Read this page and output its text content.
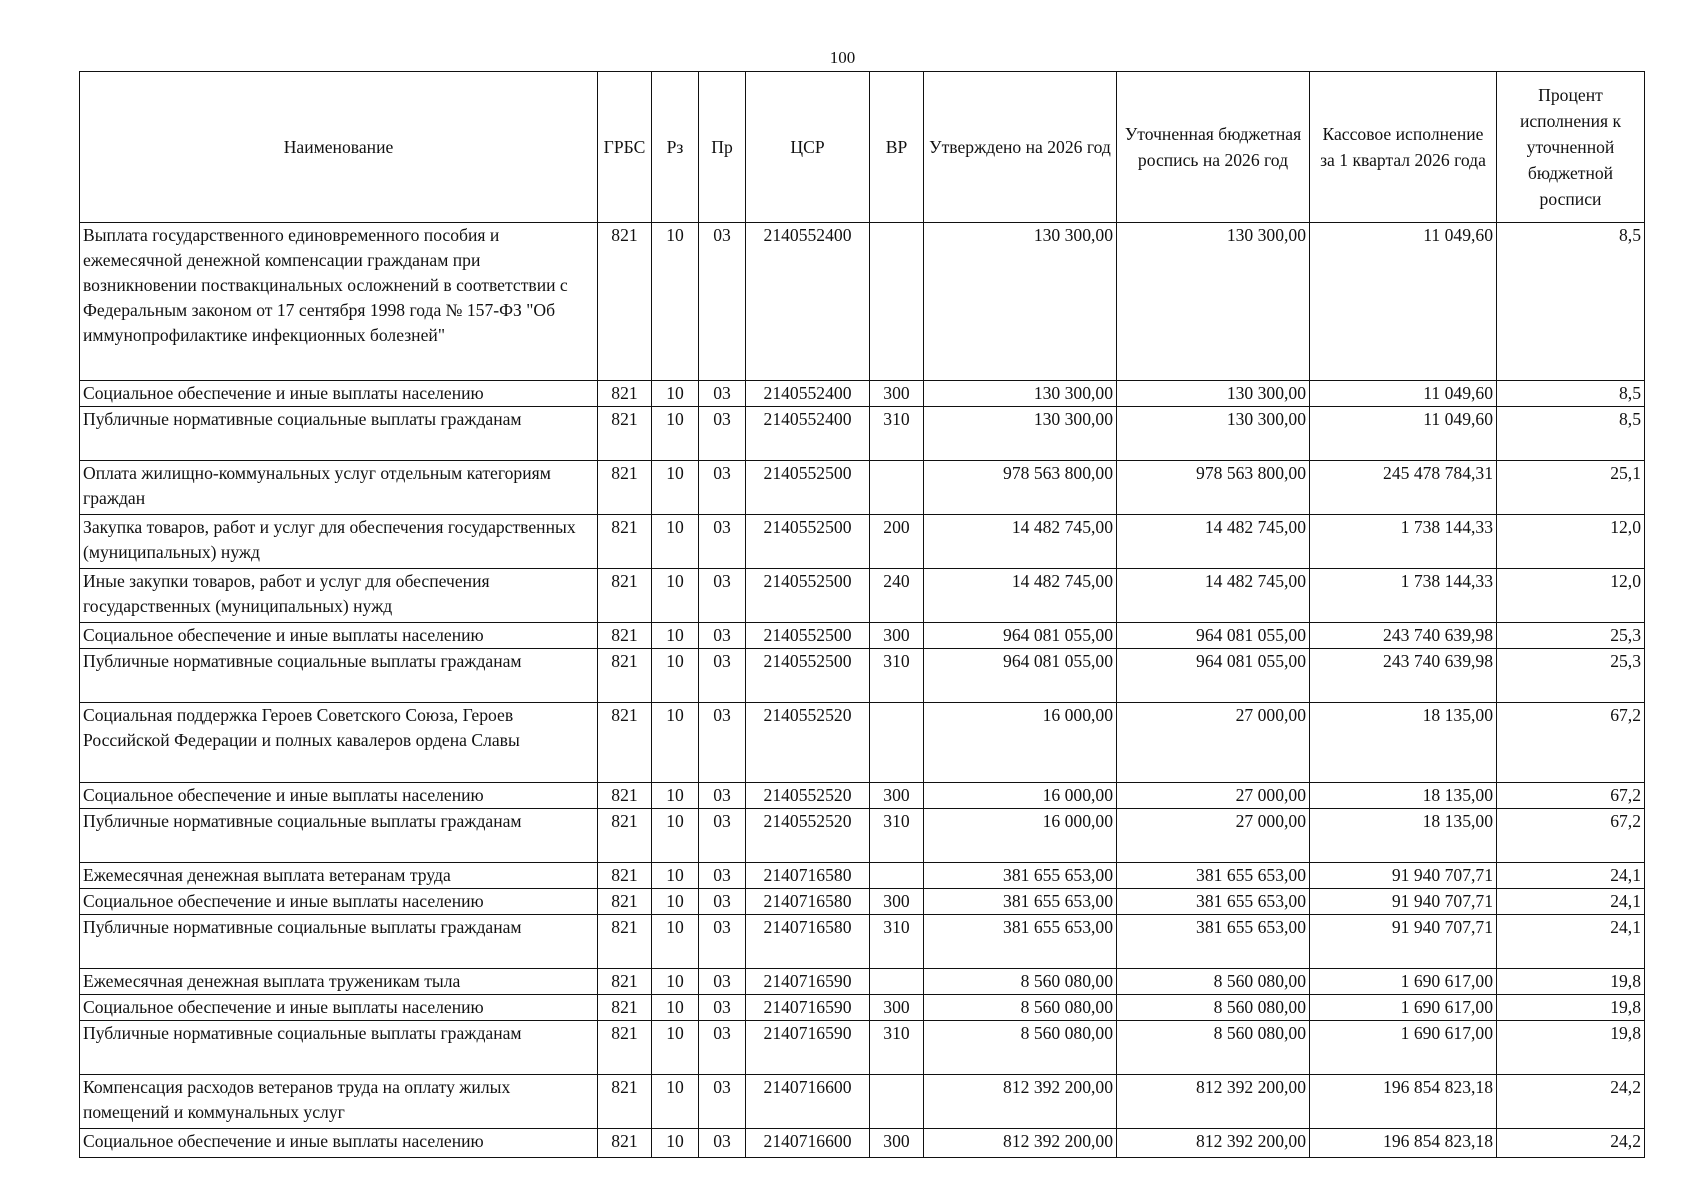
100
Наименование	ГРБС	Рз	Пр	ЦСР	ВР	Утверждено на 2026 год	Уточненная бюджетная роспись на 2026 год	Кассовое исполнение за 1 квартал 2026 года	Процент исполнения к уточненной бюджетной росписи
Выплата государственного единовременного пособия и ежемесячной денежной компенсации гражданам при возникновении поствакцинальных осложнений в соответствии с Федеральным законом от 17 сентября 1998 года № 157-ФЗ "Об иммунопрофилактике инфекционных болезней"	821	10	03	2140552400		130 300,00	130 300,00	11 049,60	8,5
Социальное обеспечение и иные выплаты населению	821	10	03	2140552400	300	130 300,00	130 300,00	11 049,60	8,5
Публичные нормативные социальные выплаты гражданам	821	10	03	2140552400	310	130 300,00	130 300,00	11 049,60	8,5
Оплата жилищно-коммунальных услуг отдельным категориям граждан	821	10	03	2140552500		978 563 800,00	978 563 800,00	245 478 784,31	25,1
Закупка товаров, работ и услуг для обеспечения государственных (муниципальных) нужд	821	10	03	2140552500	200	14 482 745,00	14 482 745,00	1 738 144,33	12,0
Иные закупки товаров, работ и услуг для обеспечения государственных (муниципальных) нужд	821	10	03	2140552500	240	14 482 745,00	14 482 745,00	1 738 144,33	12,0
Социальное обеспечение и иные выплаты населению	821	10	03	2140552500	300	964 081 055,00	964 081 055,00	243 740 639,98	25,3
Публичные нормативные социальные выплаты гражданам	821	10	03	2140552500	310	964 081 055,00	964 081 055,00	243 740 639,98	25,3
Социальная поддержка Героев Советского Союза, Героев Российской Федерации и полных кавалеров ордена Славы	821	10	03	2140552520		16 000,00	27 000,00	18 135,00	67,2
Социальное обеспечение и иные выплаты населению	821	10	03	2140552520	300	16 000,00	27 000,00	18 135,00	67,2
Публичные нормативные социальные выплаты гражданам	821	10	03	2140552520	310	16 000,00	27 000,00	18 135,00	67,2
Ежемесячная денежная выплата ветеранам труда	821	10	03	2140716580		381 655 653,00	381 655 653,00	91 940 707,71	24,1
Социальное обеспечение и иные выплаты населению	821	10	03	2140716580	300	381 655 653,00	381 655 653,00	91 940 707,71	24,1
Публичные нормативные социальные выплаты гражданам	821	10	03	2140716580	310	381 655 653,00	381 655 653,00	91 940 707,71	24,1
Ежемесячная денежная выплата труженикам тыла	821	10	03	2140716590		8 560 080,00	8 560 080,00	1 690 617,00	19,8
Социальное обеспечение и иные выплаты населению	821	10	03	2140716590	300	8 560 080,00	8 560 080,00	1 690 617,00	19,8
Публичные нормативные социальные выплаты гражданам	821	10	03	2140716590	310	8 560 080,00	8 560 080,00	1 690 617,00	19,8
Компенсация расходов ветеранов труда на оплату жилых помещений и коммунальных услуг	821	10	03	2140716600		812 392 200,00	812 392 200,00	196 854 823,18	24,2
Социальное обеспечение и иные выплаты населению	821	10	03	2140716600	300	812 392 200,00	812 392 200,00	196 854 823,18	24,2
